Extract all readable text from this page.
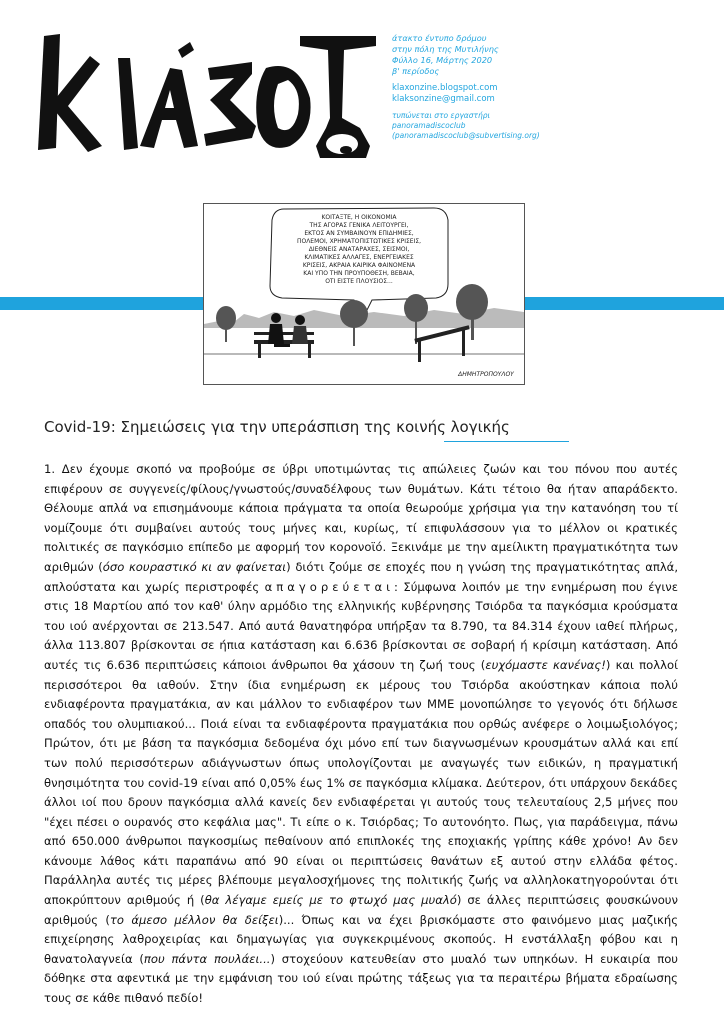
άτακτο έντυπο δρόμου
στην πόλη της Μυτιλήνης
Φύλλο 16, Μάρτης 2020
β' περίοδος
klaxonzine.blogspot.com
klaksonzine@gmail.com
τυπώνεται στο εργαστήρι
panoramadiscoclub
(panoramadiscoclub@subvertising.org)
ΚΟΙΤΑΞΤΕ, Η ΟΙΚΟΝΟΜΙΑ
ΤΗΣ ΑΓΟΡΑΣ ΓΕΝΙΚΑ ΛΕΙΤΟΥΡΓΕΙ,
ΕΚΤΟΣ ΑΝ ΣΥΜΒΑΙΝΟΥΝ ΕΠΙΔΗΜΙΕΣ,
ΠΟΛΕΜΟΙ, ΧΡΗΜΑΤΟΠΙΣΤΩΤΙΚΕΣ ΚΡΙΣΕΙΣ,
ΔΙΕΘΝΕΙΣ ΑΝΑΤΑΡΑΧΕΣ, ΣΕΙΣΜΟΙ,
ΚΛΙΜΑΤΙΚΕΣ ΑΛΛΑΓΕΣ, ΕΝΕΡΓΕΙΑΚΕΣ
ΚΡΙΣΕΙΣ, ΑΚΡΑΙΑ ΚΑΙΡΙΚΑ ΦΑΙΝΟΜΕΝΑ
ΚΑΙ ΥΠΟ ΤΗΝ ΠΡΟΥΠΟΘΕΣΗ, ΒΕΒΑΙΑ,
ΟΤΙ ΕΙΣΤΕ ΠΛΟΥΣΙΟΣ...
ΔΗΜΗΤΡΟΠΟΥΛΟΥ
Covid-19: Σημειώσεις για την υπεράσπιση της κοινής λογικής

1. Δεν έχουμε σκοπό να προβούμε σε ύβρι υποτιμώντας τις απώλειες ζωών και του πόνου που αυτές επιφέρουν σε συγγενείς/φίλους/γνωστούς/συναδέλφους των θυμάτων. Κάτι τέτοιο θα ήταν απαράδεκτο. Θέλουμε απλά να επισημάνουμε κάποια πράγματα τα οποία θεωρούμε χρήσιμα για την κατανόηση του τί νομίζουμε ότι συμβαίνει αυτούς τους μήνες και, κυρίως, τί επιφυλάσσουν για το μέλλον οι κρατικές πολιτικές σε παγκόσμιο επίπεδο με αφορμή τον κορονοϊό. Ξεκινάμε με την αμείλικτη πραγματικότητα των αριθμών (όσο κουραστικό κι αν φαίνεται) διότι ζούμε σε εποχές που η γνώση της πραγματικότητας απλά, απλούστατα και χωρίς περιστροφές απαγορεύεται: Σύμφωνα λοιπόν με την ενημέρωση που έγινε στις 18 Μαρτίου από τον καθ' ύλην αρμόδιο της ελληνικής κυβέρνησης Τσιόρδα τα παγκόσμια κρούσματα του ιού ανέρχονται σε 213.547. Από αυτά θανατηφόρα υπήρξαν τα 8.790, τα 84.314 έχουν ιαθεί πλήρως, άλλα 113.807 βρίσκονται σε ήπια κατάσταση και 6.636 βρίσκονται σε σοβαρή ή κρίσιμη κατάσταση. Από αυτές τις 6.636 περιπτώσεις κάποιοι άνθρωποι θα χάσουν τη ζωή τους (ευχόμαστε κανένας!) και πολλοί περισσότεροι θα ιαθούν. Στην ίδια ενημέρωση εκ μέρους του Τσιόρδα ακούστηκαν κάποια πολύ ενδιαφέροντα πραγματάκια, αν και μάλλον το ενδιαφέρον των ΜΜΕ μονοπώλησε το γεγονός ότι δήλωσε οπαδός του ολυμπιακού... Ποιά είναι τα ενδιαφέροντα πραγματάκια που ορθώς ανέφερε ο λοιμωξιολόγος; Πρώτον, ότι με βάση τα παγκόσμια δεδομένα όχι μόνο επί των διαγνωσμένων κρουσμάτων αλλά και επί των πολύ περισσότερων αδιάγνωστων όπως υπολογίζονται με αναγωγές των ειδικών, η πραγματική θνησιμότητα του covid-19 είναι από 0,05% έως 1% σε παγκόσμια κλίμακα. Δεύτερον, ότι υπάρχουν δεκάδες άλλοι ιοί που δρουν παγκόσμια αλλά κανείς δεν ενδιαφέρεται γι αυτούς τους τελευταίους 2,5 μήνες που "έχει πέσει ο ουρανός στο κεφάλια μας". Τι είπε ο κ. Τσιόρδας; Το αυτονόητο. Πως, για παράδειγμα, πάνω από 650.000 άνθρωποι παγκοσμίως πεθαίνουν από επιπλοκές της εποχιακής γρίπης κάθε χρόνο! Αν δεν κάνουμε λάθος κάτι παραπάνω από 90 είναι οι περιπτώσεις θανάτων εξ αυτού στην ελλάδα φέτος. Παράλληλα αυτές τις μέρες βλέπουμε μεγαλοσχήμονες της πολιτικής ζωής να αλληλοκατηγορούνται ότι αποκρύπτουν αριθμούς ή (θα λέγαμε εμείς με το φτωχό μας μυαλό) σε άλλες περιπτώσεις φουσκώνουν αριθμούς (το άμεσο μέλλον θα δείξει)... Όπως και να έχει βρισκόμαστε στο φαινόμενο μιας μαζικής επιχείρησης λαθροχειρίας και δημαγωγίας για συγκεκριμένους σκοπούς. Η ενστάλλαξη φόβου και η θανατολαγνεία (που πάντα πουλάει...) στοχεύουν κατευθείαν στο μυαλό των υπηκόων. Η ευκαιρία που δόθηκε στα αφεντικά με την εμφάνιση του ιού είναι πρώτης τάξεως για τα περαιτέρω βήματα εδραίωσης τους σε κάθε πιθανό πεδίο!
